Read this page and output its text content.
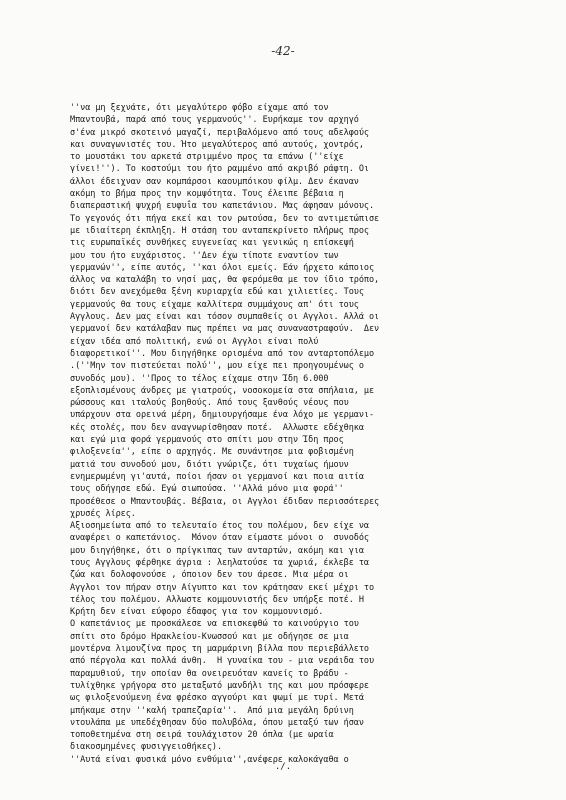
-42-
''να μη ξεχνάτε, ότι μεγαλύτερο φόβο είχαμε από τον
Μπαντουβά, παρά από τους γερμανούς''. Ευρήκαμε τον αρχηγό
σ'ένα μικρό σκοτεινό μαγαζί, περιβαλόμενο από τους αδελφούς
και συναγωνιστές του. Ήτο μεγαλύτερος από αυτούς, χοντρός,
το μουστάκι του αρκετά στριμμένο προς τα επάνω (''είχε
γίνει!''). Το κοστούμι του ήτο ραμμένο από ακριβό ράφτη. Οι
άλλοι έδειχναν σαν κομπάρσοι καουμπόικου φίλμ. Δεν έκαναν
ακόμη το βήμα προς την κομψότητα. Τους έλειπε βέβαια η
διαπεραστική ψυχρή ευφυΐα του καπετάνιου. Μας άφησαν μόνους.
Το γεγονός ότι πήγα εκεί και τον ρωτούσα, δεν το αντιμετώπισε
με ιδιαίτερη έκπληξη. Η στάση του ανταπεκρίνετο πλήρως προς
τις ευρωπαϊκές συνθήκες ευγενείας και γενικώς η επίσκεψή
μου του ήτο ευχάριστος. ''Δεν έχω τίποτε εναντίον των
γερμανών'', είπε αυτός, ''και όλοι εμείς. Εάν ήρχετο κάποιος
άλλος να καταλάβη το νησί μας, θα φερόμεθα με τον ίδιο τρόπο,
διότι δεν ανεχόμεθα ξένη κυριαρχία εδώ και χιλιετίες. Τους
γερμανούς θα τους είχαμε καλλίτερα συμμάχους απ' ότι τους
Αγγλους. Δεν μας είναι και τόσον συμπαθείς οι Αγγλοι. Αλλά οι
γερμανοί δεν κατάλαβαν πως πρέπει να μας συναναστραφούν.  Δεν
είχαν ιδέα από πολιτική, ενώ οι Αγγλοι είναι πολύ
διαφορετικοί''. Μου διηγήθηκε ορισμένα από τον ανταρτοπόλεμο
.(''Μην τον πιστεύεται πολύ'', μου είχε πει προηγουμένως ο
συνοδός μου). ''Προς το τέλος είχαμε στην Ίδη 6.000
εξοπλισμένους άνδρες με γιατρούς, νοσοκομεία στα σπήλαια, με
ρώσσους και ιταλούς βοηθούς. Από τους ξανθούς νέους που
υπάρχουν στα ορεινά μέρη, δημιουργήσαμε ένα λόχο με γερμανι-
κές στολές, που δεν αναγνωρίσθησαν ποτέ.  Αλλωστε εδέχθηκα
και εγώ μια φορά γερμανούς στο σπίτι μου στην Ίδη προς
φιλοξενεία'', είπε ο αρχηγός. Με συνάντησε μια φοβισμένη
ματιά του συνοδού μου, διότι γνώριζε, ότι τυχαίως ήμουν
ενημερωμένη γι'αυτά, ποίοι ήσαν οι γερμανοί και ποια αιτία
τους οδήγησε εδώ. Εγώ σιωπούσα. ''Αλλά μόνο μια φορά''
προσέθεσε ο Μπαντουβάς. Βέβαια, οι Αγγλοι έδιδαν περισσότερες
χρυσές λίρες.
Αξιοσημείωτα από το τελευταίο έτος του πολέμου, δεν είχε να
αναφέρει ο καπετάνιος.  Μόνον όταν είμαστε μόνοι ο  συνοδός
μου διηγήθηκε, ότι ο πρίγκιπας των ανταρτών, ακόμη και για
τους Αγγλους φέρθηκε άγρια : λεηλατούσε τα χωριά, έκλεβε τα
ζώα και δολοφονούσε , όποιον δεν του άρεσε. Μια μέρα οι
Αγγλοι τον πήραν στην Αίγυπτο και τον κράτησαν εκεί μέχρι το
τέλος του πολέμου. Αλλωστε κομμουνιστής δεν υπήρξε ποτέ. Η
Κρήτη δεν είναι εύφορο έδαφος για τον κομμουνισμό.
Ο καπετάνιος με προσκάλεσε να επισκεφθώ το καινούργιο του
σπίτι στο δρόμο Ηρακλείου-Κνωσσού και με οδήγησε σε μια
μοντέρνα λιμουζίνα προς τη μαρμάρινη βίλλα που περιεβάλλετο
από πέργολα και πολλά άνθη.  Η γυναίκα του - μια νεράιδα του
παραμυθιού, την οποίαν θα ονειρευόταν κανείς το βράδυ -
τυλίχθηκε γρήγορα στο μεταξωτό μανδήλι της και μου πρόσφερε
ως φιλοξενούμενη ένα φρέσκο αγγούρι και ψωμί με τυρί. Μετά
μπήκαμε στην ''καλή τραπεζαρία''.  Από μια μεγάλη δρύινη
ντουλάπα με υπεδέχθησαν δύο πολυβόλα, όπου μεταξύ των ήσαν
τοποθετημένα στη σειρά τουλάχιστον 20 όπλα (με ωραία
διακοσμημένες φυσιγγειοθήκες).
''Αυτά είναι φυσικά μόνο ενθύμια'',ανέφερε καλοκάγαθα ο
./.
